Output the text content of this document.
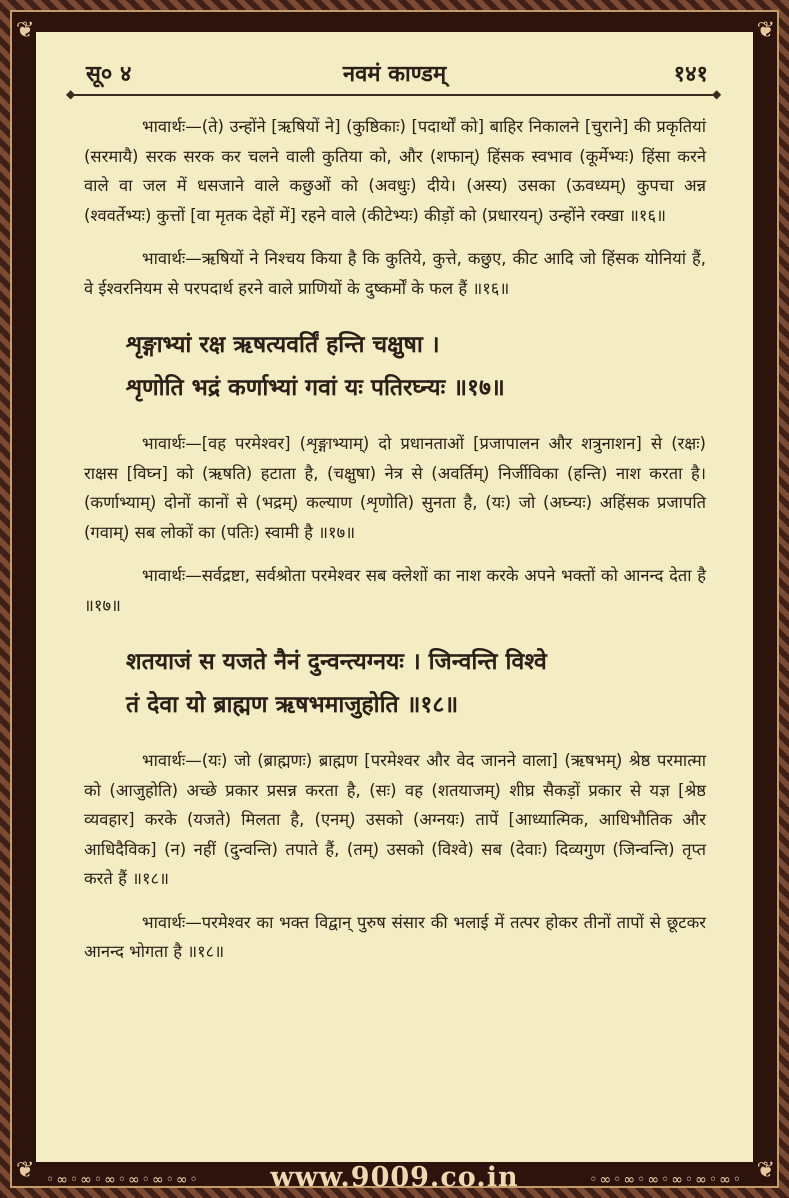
❦	❦
❦	❦
सू० ४	नवमं काण्डम्	१४१
◆	◆

भावार्थः—(ते) उन्होंने [ऋषियों ने] (कुष्ठिकाः) [पदार्थों को] बाहिर निकालने [चुराने] की प्रकृतियां (सरमायै) सरक सरक कर चलने वाली कुतिया को, और (शफान्) हिंसक स्वभाव (कूर्मेभ्यः) हिंसा करने वाले वा जल में धसजाने वाले कछुओं को (अवधुः) दीये। (अस्य) उसका (ऊवध्यम्) कुपचा अन्न (श्ववर्तेभ्यः) कुत्तों [वा मृतक देहों में] रहने वाले (कीटेभ्यः) कीड़ों को (प्रधारयन्) उन्होंने रक्खा ॥१६॥

भावार्थः—ऋषियों ने निश्चय किया है कि कुतिये, कुत्ते, कछुए, कीट आदि जो हिंसक योनियां हैं, वे ईश्वरनियम से परपदार्थ हरने वाले प्राणियों के दुष्कर्मों के फल हैं ॥१६॥

शृङ्गाभ्यां रक्ष ऋषत्यवर्तिं हन्ति चक्षुषा ।

शृणोति भद्रं कर्णाभ्यां गवां यः पतिरघ्न्यः ॥१७॥

भावार्थः—[वह परमेश्वर] (शृङ्गाभ्याम्) दो प्रधानताओं [प्रजापालन और शत्रुनाशन] से (रक्षः) राक्षस [विघ्न] को (ऋषति) हटाता है, (चक्षुषा) नेत्र से (अवर्तिम्) निर्जीविका (हन्ति) नाश करता है। (कर्णाभ्याम्) दोनों कानों से (भद्रम्) कल्याण (शृणोति) सुनता है, (यः) जो (अघ्न्यः) अहिंसक प्रजापति (गवाम्) सब लोकों का (पतिः) स्वामी है ॥१७॥

भावार्थः—सर्वद्रष्टा, सर्वश्रोता परमेश्वर सब क्लेशों का नाश करके अपने भक्तों को आनन्द देता है ॥१७॥

शतयाजं स यजते नैनं दुन्वन्त्यग्नयः । जिन्वन्ति विश्वे

तं देवा यो ब्राह्मण ऋषभमाजुहोति ॥१८॥

भावार्थः—(यः) जो (ब्राह्मणः) ब्राह्मण [परमेश्वर और वेद जानने वाला] (ऋषभम्) श्रेष्ठ परमात्मा को (आजुहोति) अच्छे प्रकार प्रसन्न करता है, (सः) वह (शतयाजम्) शीघ्र सैकड़ों प्रकार से यज्ञ [श्रेष्ठ व्यवहार] करके (यजते) मिलता है, (एनम्) उसको (अग्नयः) तापें [आध्यात्मिक, आधिभौतिक और आधिदैविक] (न) नहीं (दुन्वन्ति) तपाते हैं, (तम्) उसको (विश्वे) सब (देवाः) दिव्यगुण (जिन्वन्ति) तृप्त करते हैं ॥१८॥

भावार्थः—परमेश्वर का भक्त विद्वान् पुरुष संसार की भलाई में तत्पर होकर तीनों तापों से छूटकर आनन्द भोगता है ॥१८॥

◦∞◦∞◦∞◦∞◦∞◦∞◦	www.9009.co.in	◦∞◦∞◦∞◦∞◦∞◦∞◦
